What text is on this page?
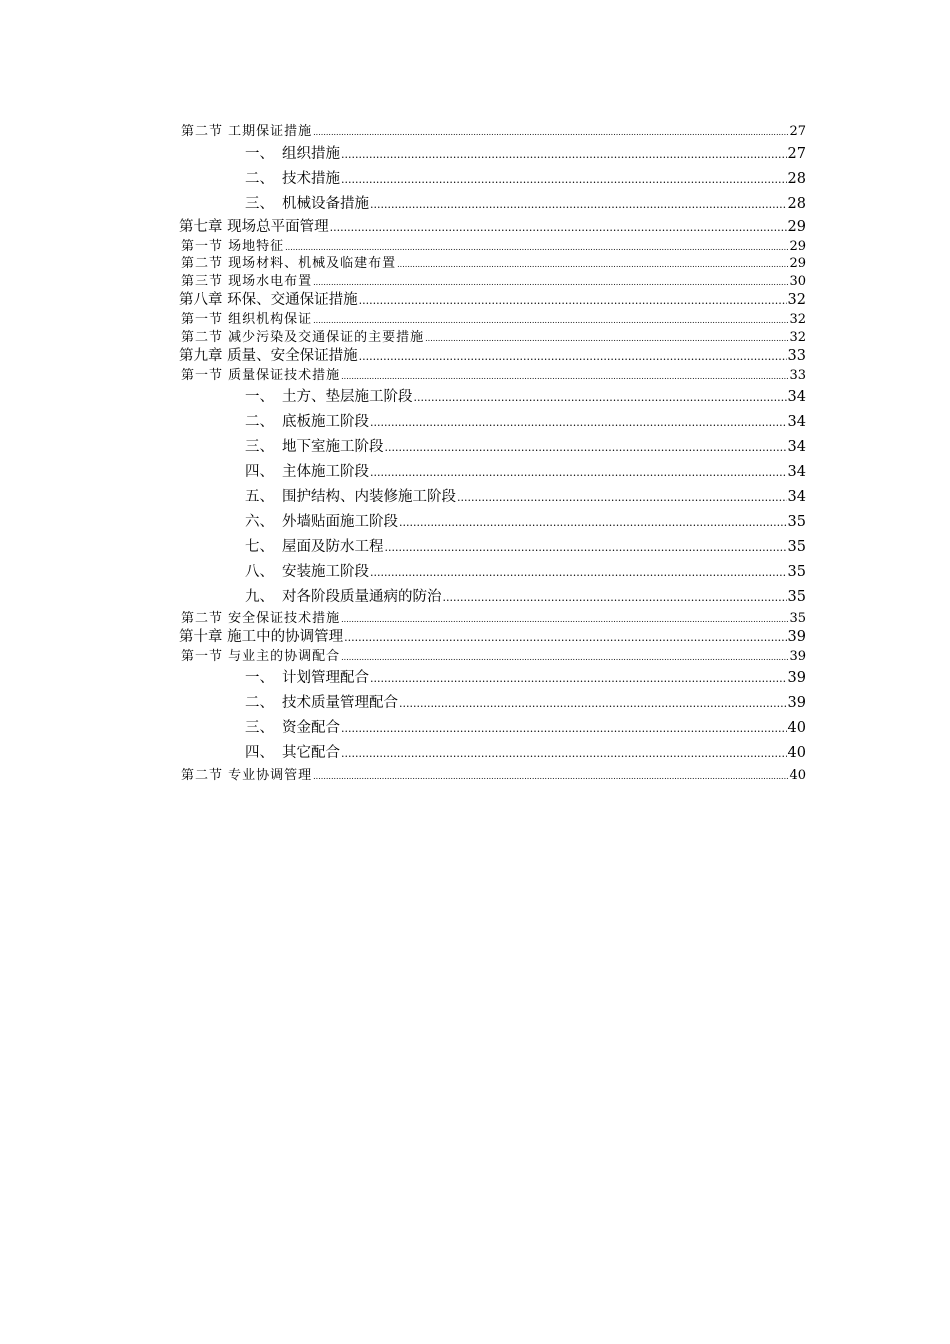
第二节 工期保证措施 .....	27
一、 组织措施 .....	27
二、 技术措施 .....	28
三、 机械设备措施 .....	28
第七章 现场总平面管理 .....	29
第一节 场地特征 .....	29
第二节 现场材料、机械及临建布置 .....	29
第三节 现场水电布置 .....	30
第八章 环保、交通保证措施 .....	32
第一节 组织机构保证 .....	32
第二节 减少污染及交通保证的主要措施 .....	32
第九章 质量、安全保证措施 .....	33
第一节 质量保证技术措施 .....	33
一、 土方、垫层施工阶段 .....	34
二、 底板施工阶段 .....	34
三、 地下室施工阶段 .....	34
四、 主体施工阶段 .....	34
五、 围护结构、内装修施工阶段 .....	34
六、 外墙贴面施工阶段 .....	35
七、 屋面及防水工程 .....	35
八、 安装施工阶段 .....	35
九、 对各阶段质量通病的防治 .....	35
第二节 安全保证技术措施 .....	35
第十章 施工中的协调管理 .....	39
第一节 与业主的协调配合 .....	39
一、 计划管理配合 .....	39
二、 技术质量管理配合 .....	39
三、 资金配合 .....	40
四、 其它配合 .....	40
第二节 专业协调管理 .....	40
